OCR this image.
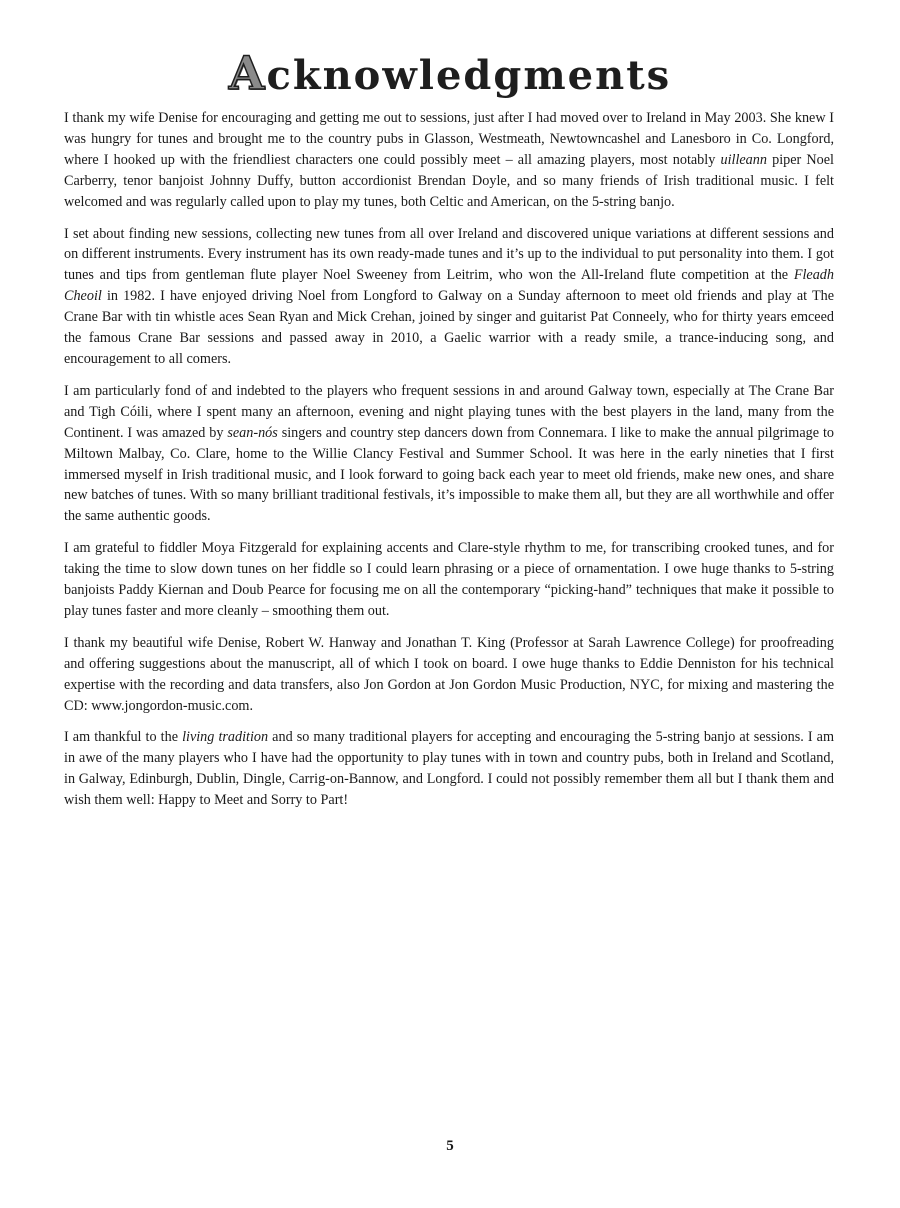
Acknowledgments

I thank my wife Denise for encouraging and getting me out to sessions, just after I had moved over to Ireland in May 2003. She knew I was hungry for tunes and brought me to the country pubs in Glasson, Westmeath, Newtowncashel and Lanesboro in Co. Longford, where I hooked up with the friendliest characters one could possibly meet – all amazing players, most notably uilleann piper Noel Carberry, tenor banjoist Johnny Duffy, button accordionist Brendan Doyle, and so many friends of Irish traditional music. I felt welcomed and was regularly called upon to play my tunes, both Celtic and American, on the 5-string banjo.

I set about finding new sessions, collecting new tunes from all over Ireland and discovered unique variations at different sessions and on different instruments. Every instrument has its own ready-made tunes and it’s up to the individual to put personality into them. I got tunes and tips from gentleman flute player Noel Sweeney from Leitrim, who won the All-Ireland flute competition at the Fleadh Cheoil in 1982. I have enjoyed driving Noel from Longford to Galway on a Sunday afternoon to meet old friends and play at The Crane Bar with tin whistle aces Sean Ryan and Mick Crehan, joined by singer and guitarist Pat Conneely, who for thirty years emceed the famous Crane Bar sessions and passed away in 2010, a Gaelic warrior with a ready smile, a trance-inducing song, and encouragement to all comers.

I am particularly fond of and indebted to the players who frequent sessions in and around Galway town, especially at The Crane Bar and Tigh Cóili, where I spent many an afternoon, evening and night playing tunes with the best players in the land, many from the Continent. I was amazed by sean-nós singers and country step dancers down from Connemara. I like to make the annual pilgrimage to Miltown Malbay, Co. Clare, home to the Willie Clancy Festival and Summer School. It was here in the early nineties that I first immersed myself in Irish traditional music, and I look forward to going back each year to meet old friends, make new ones, and share new batches of tunes. With so many brilliant traditional festivals, it’s impossible to make them all, but they are all worthwhile and offer the same authentic goods.

I am grateful to fiddler Moya Fitzgerald for explaining accents and Clare-style rhythm to me, for transcribing crooked tunes, and for taking the time to slow down tunes on her fiddle so I could learn phrasing or a piece of ornamentation. I owe huge thanks to 5-string banjoists Paddy Kiernan and Doub Pearce for focusing me on all the contemporary “picking-hand” techniques that make it possible to play tunes faster and more cleanly – smoothing them out.

I thank my beautiful wife Denise, Robert W. Hanway and Jonathan T. King (Professor at Sarah Lawrence College) for proofreading and offering suggestions about the manuscript, all of which I took on board. I owe huge thanks to Eddie Denniston for his technical expertise with the recording and data transfers, also Jon Gordon at Jon Gordon Music Production, NYC, for mixing and mastering the CD: www.jongordon-music.com.

I am thankful to the living tradition and so many traditional players for accepting and encouraging the 5-string banjo at sessions. I am in awe of the many players who I have had the opportunity to play tunes with in town and country pubs, both in Ireland and Scotland, in Galway, Edinburgh, Dublin, Dingle, Carrig-on-Bannow, and Longford. I could not possibly remember them all but I thank them and wish them well: Happy to Meet and Sorry to Part!

5
